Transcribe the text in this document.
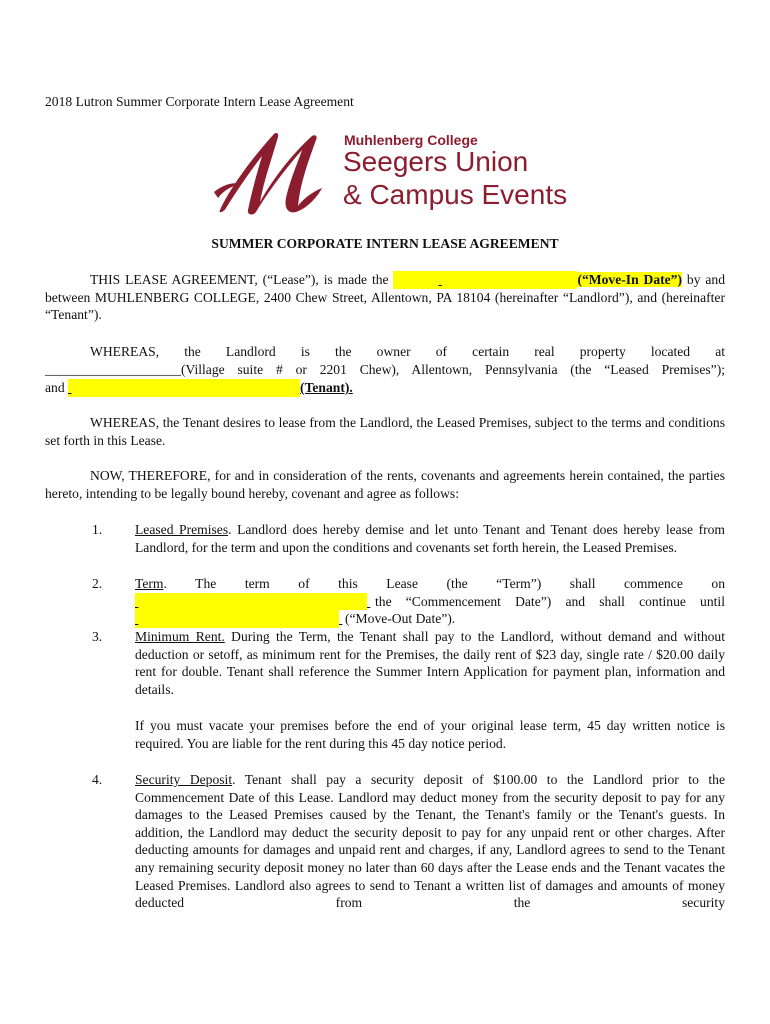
2018 Lutron Summer Corporate Intern Lease Agreement
Muhlenberg College
Seegers Union
& Campus Events
SUMMER CORPORATE INTERN LEASE AGREEMENT
THIS LEASE AGREEMENT, (“Lease”), is made the	(“Move-In Date”) by and between MUHLENBERG COLLEGE, 2400 Chew Street, Allentown, PA 18104 (hereinafter “Landlord”), and (hereinafter “Tenant”).
WHEREAS, the Landlord is the owner of certain real property located at
____________________(Village suite # or 2201 Chew), Allentown, Pennsylvania (the “Leased Premises”);
and	(Tenant).
WHEREAS, the Tenant desires to lease from the Landlord, the Leased Premises, subject to the terms and conditions set forth in this Lease.
NOW, THEREFORE, for and in consideration of the rents, covenants and agreements herein contained, the parties hereto, intending to be legally bound hereby, covenant and agree as follows:
1.	Leased Premises. Landlord does hereby demise and let unto Tenant and Tenant does hereby lease from Landlord, for the term and upon the conditions and covenants set forth herein, the Leased Premises.
2.	Term. The term of this Lease (the “Term”) shall commence on
the “Commencement Date”) and shall continue until
(“Move-Out Date”).
3.	Minimum Rent. During the Term, the Tenant shall pay to the Landlord, without demand and without deduction or setoff, as minimum rent for the Premises, the daily rent of $23 day, single rate / $20.00 daily rent for double. Tenant shall reference the Summer Intern Application for payment plan, information and details.
If you must vacate your premises before the end of your original lease term, 45 day written notice is required. You are liable for the rent during this 45 day notice period.
4.	Security Deposit. Tenant shall pay a security deposit of $100.00 to the Landlord prior to the Commencement Date of this Lease. Landlord may deduct money from the security deposit to pay for any damages to the Leased Premises caused by the Tenant, the Tenant's family or the Tenant's guests. In addition, the Landlord may deduct the security deposit to pay for any unpaid rent or other charges. After deducting amounts for damages and unpaid rent and charges, if any, Landlord agrees to send to the Tenant any remaining security deposit money no later than 60 days after the Lease ends and the Tenant vacates the Leased Premises. Landlord also agrees to send to Tenant a written list of damages and amounts of money deducted from the security
